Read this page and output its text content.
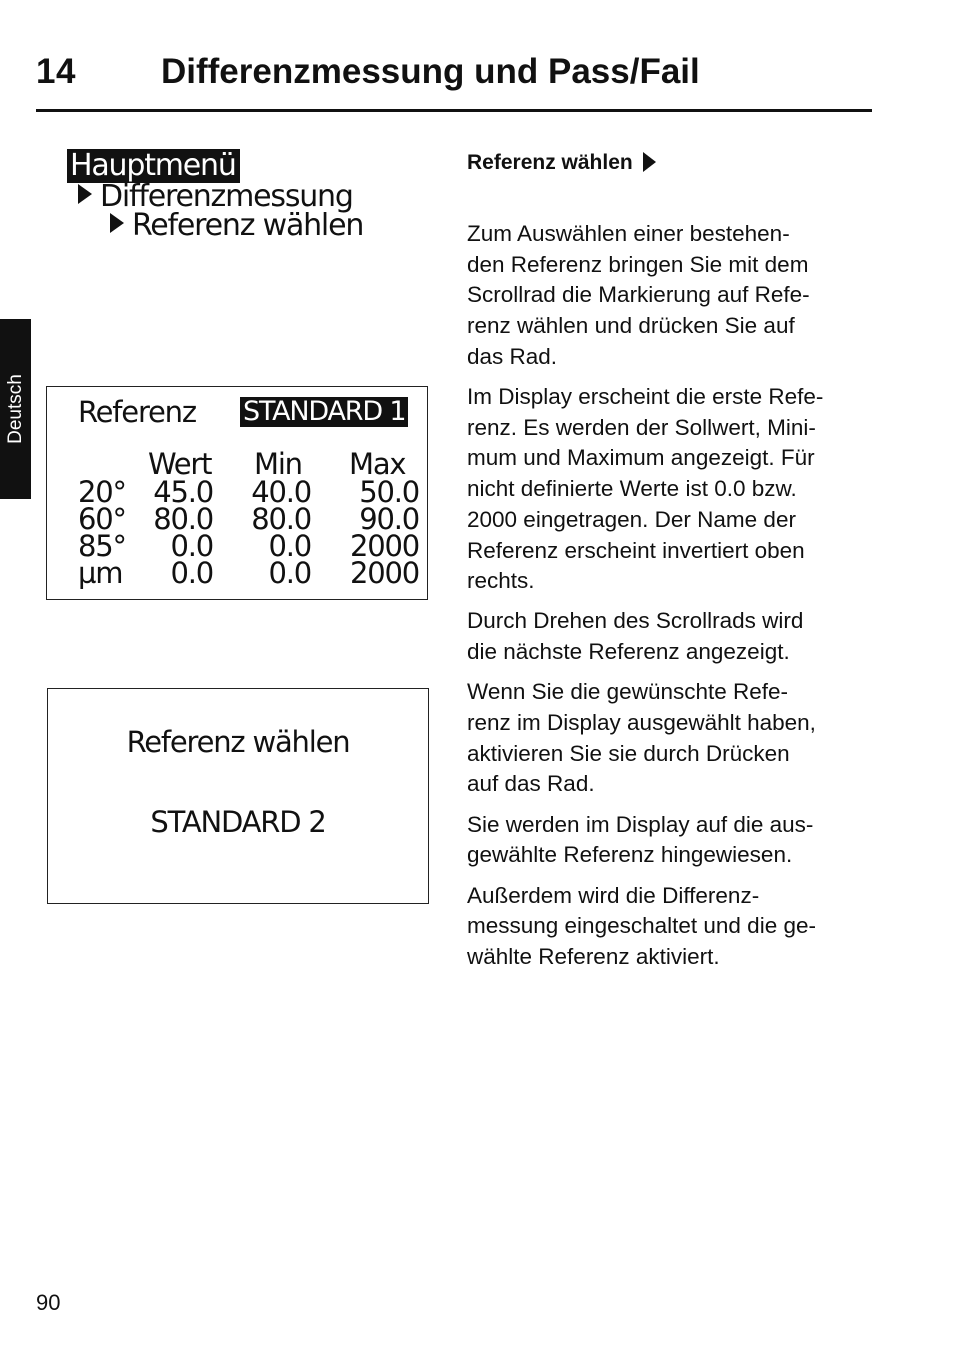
14 Differenzmessung und Pass/Fail
Deutsch
Hauptmenü
Differenzmessung
Referenz wählen
Referenz STANDARD 1
Wert Min Max
20° 45.0	40.0	50.0
60° 80.0	80.0	90.0
85°	0.0	0.0	2000
µm	0.0	0.0	2000
Referenz wählen
STANDARD 2
Referenz wählen

Zum Auswählen einer bestehen-
den Referenz bringen Sie mit dem
Scrollrad die Markierung auf Refe-
renz wählen und drücken Sie auf
das Rad.

Im Display erscheint die erste Refe-
renz. Es werden der Sollwert, Mini-
mum und Maximum angezeigt. Für
nicht definierte Werte ist 0.0 bzw.
2000 eingetragen. Der Name der
Referenz erscheint invertiert oben
rechts.

Durch Drehen des Scrollrads wird
die nächste Referenz angezeigt.

Wenn Sie die gewünschte Refe-
renz im Display ausgewählt haben,
aktivieren Sie sie durch Drücken
auf das Rad.

Sie werden im Display auf die aus-
gewählte Referenz hingewiesen.

Außerdem wird die Differenz-
messung eingeschaltet und die ge-
wählte Referenz aktiviert.

90
